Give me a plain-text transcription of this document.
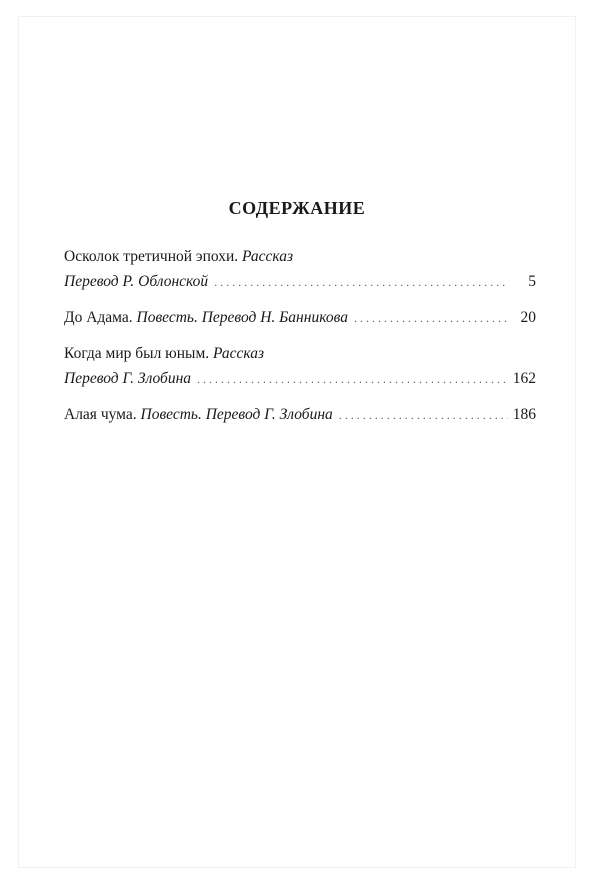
СОДЕРЖАНИЕ
Осколок третичной эпохи.
Рассказ
Перевод Р. Облонской .....	5
До Адама.
Повесть.
Перевод Н. Банникова .....	20
Когда мир был юным.
Рассказ
Перевод Г. Злобина .....	162
Алая чума.
Повесть.
Перевод Г. Злобина .....	186
